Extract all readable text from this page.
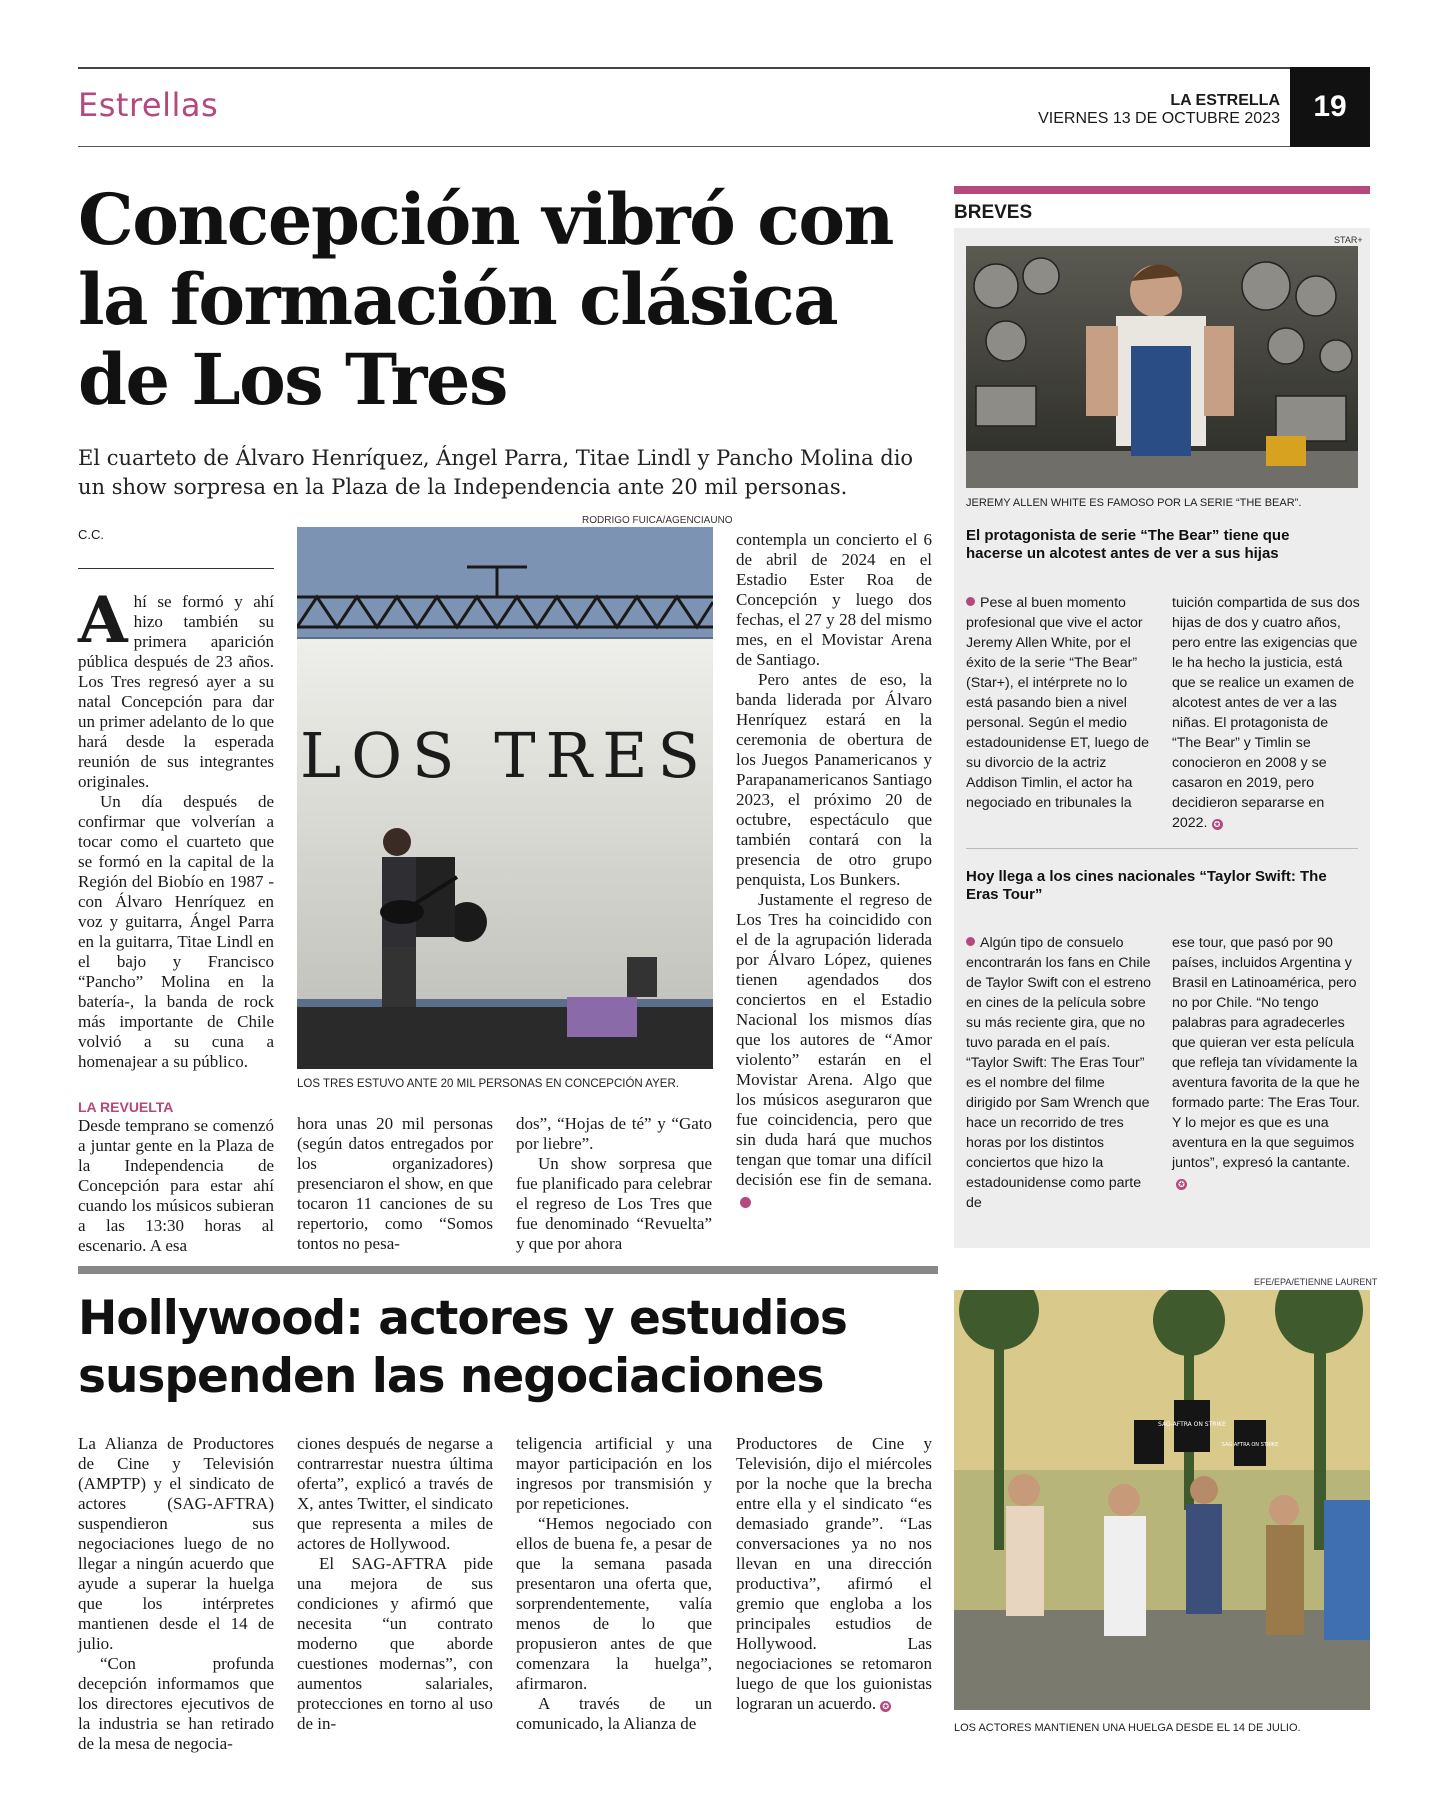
Estrellas	LA ESTRELLA
VIERNES 13 DE OCTUBRE 2023	19
Concepción vibró con la formación clásica de Los Tres
El cuarteto de Álvaro Henríquez, Ángel Parra, Titae Lindl y Pancho Molina dio un show sorpresa en la Plaza de la Independencia ante 20 mil personas.
C.C.

Ahí se formó y ahí hizo también su primera aparición pública después de 23 años. Los Tres regresó ayer a su natal Concepción para dar un primer adelanto de lo que hará desde la esperada reunión de sus integrantes originales.

Un día después de confirmar que volverían a tocar como el cuarteto que se formó en la capital de la Región del Biobío en 1987 -con Álvaro Henríquez en voz y guitarra, Ángel Parra en la guitarra, Titae Lindl en el bajo y Francisco “Pancho” Molina en la batería-, la banda de rock más importante de Chile volvió a su cuna a homenajear a su público.

LA REVUELTA

Desde temprano se comenzó a juntar gente en la Plaza de la Independencia de Concepción para estar ahí cuando los músicos subieran a las 13:30 horas al escenario. A esa

RODRIGO FUICA/AGENCIAUNO
LOS TRES
LOS TRES ESTUVO ANTE 20 MIL PERSONAS EN CONCEPCIÓN AYER.

hora unas 20 mil personas (según datos entregados por los organizadores) presenciaron el show, en que tocaron 11 canciones de su repertorio, como “Somos tontos no pesa-

dos”, “Hojas de té” y “Gato por liebre”.

Un show sorpresa que fue planificado para celebrar el regreso de Los Tres que fue denominado “Revuelta” y que por ahora

contempla un concierto el 6 de abril de 2024 en el Estadio Ester Roa de Concepción y luego dos fechas, el 27 y 28 del mismo mes, en el Movistar Arena de Santiago.

Pero antes de eso, la banda liderada por Álvaro Henríquez estará en la ceremonia de obertura de los Juegos Panamericanos y Parapanamericanos Santiago 2023, el próximo 20 de octubre, espectáculo que también contará con la presencia de otro grupo penquista, Los Bunkers.

Justamente el regreso de Los Tres ha coincidido con el de la agrupación liderada por Álvaro López, quienes tienen agendados dos conciertos en el Estadio Nacional los mismos días que los autores de “Amor violento” estarán en el Movistar Arena. Algo que los músicos aseguraron que fue coincidencia, pero que sin duda hará que muchos tengan que tomar una difícil decisión ese fin de semana.✪

BREVES
STAR+
JEREMY ALLEN WHITE ES FAMOSO POR LA SERIE “THE BEAR”.
El protagonista de serie “The Bear” tiene que hacerse un alcotest antes de ver a sus hijas
Pese al buen momento profesional que vive el actor Jeremy Allen White, por el éxito de la serie “The Bear” (Star+), el intérprete no lo está pasando bien a nivel personal. Según el medio estadounidense ET, luego de su divorcio de la actriz Addison Timlin, el actor ha negociado en tribunales la
tuición compartida de sus dos hijas de dos y cuatro años, pero entre las exigencias que le ha hecho la justicia, está que se realice un examen de alcotest antes de ver a las niñas. El protagonista de “The Bear” y Timlin se conocieron en 2008 y se casaron en 2019, pero decidieron separarse en 2022. ✪
Hoy llega a los cines nacionales “Taylor Swift: The Eras Tour”
Algún tipo de consuelo encontrarán los fans en Chile de Taylor Swift con el estreno en cines de la película sobre su más reciente gira, que no tuvo parada en el país. “Taylor Swift: The Eras Tour” es el nombre del filme dirigido por Sam Wrench que hace un recorrido de tres horas por los distintos conciertos que hizo la estadounidense como parte de
ese tour, que pasó por 90 países, incluidos Argentina y Brasil en Latinoamérica, pero no por Chile. “No tengo palabras para agradecerles que quieran ver esta película que refleja tan vívidamente la aventura favorita de la que he formado parte: The Eras Tour. Y lo mejor es que es una aventura en la que seguimos juntos”, expresó la cantante.✪
Hollywood: actores y estudios suspenden las negociaciones

La Alianza de Productores de Cine y Televisión (AMPTP) y el sindicato de actores (SAG-AFTRA) suspendieron sus negociaciones luego de no llegar a ningún acuerdo que ayude a superar la huelga que los intérpretes mantienen desde el 14 de julio.

“Con profunda decepción informamos que los directores ejecutivos de la industria se han retirado de la mesa de negocia-

ciones después de negarse a contrarrestar nuestra última oferta”, explicó a través de X, antes Twitter, el sindicato que representa a miles de actores de Hollywood.

El SAG-AFTRA pide una mejora de sus condiciones y afirmó que necesita “un contrato moderno que aborde cuestiones modernas”, con aumentos salariales, protecciones en torno al uso de in-

teligencia artificial y una mayor participación en los ingresos por transmisión y por repeticiones.

“Hemos negociado con ellos de buena fe, a pesar de que la semana pasada presentaron una oferta que, sorprendentemente, valía menos de lo que propusieron antes de que comenzara la huelga”, afirmaron.

A través de un comunicado, la Alianza de

Productores de Cine y Televisión, dijo el miércoles por la noche que la brecha entre ella y el sindicato “es demasiado grande”. “Las conversaciones ya no nos llevan en una dirección productiva”, afirmó el gremio que engloba a los principales estudios de Hollywood. Las negociaciones se retomaron luego de que los guionistas lograran un acuerdo. ✪

EFE/EPA/ETIENNE LAURENT
SAG-AFTRA ON STRIKE
SAG AFTRA ON STRIKE
LOS ACTORES MANTIENEN UNA HUELGA DESDE EL 14 DE JULIO.
